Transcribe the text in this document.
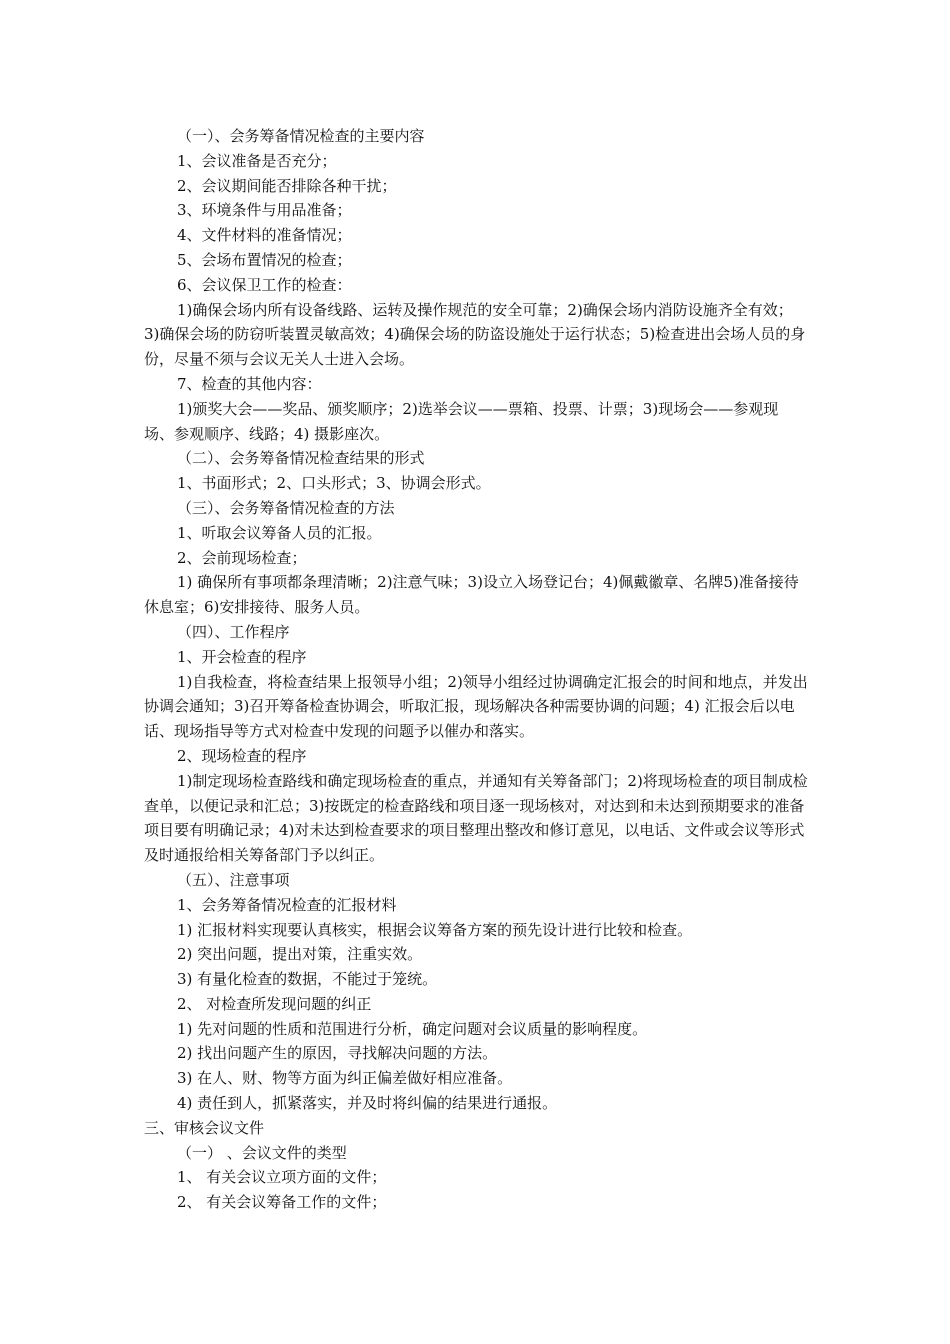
（一）、会务筹备情况检查的主要内容

1、会议准备是否充分；

2、会议期间能否排除各种干扰；

3、环境条件与用品准备；

4、文件材料的准备情况；

5、会场布置情况的检查；

6、会议保卫工作的检查：

1)确保会场内所有设备线路、运转及操作规范的安全可靠；2)确保会场内消防设施齐全有效；3)确保会场的防窃听装置灵敏高效；4)确保会场的防盗设施处于运行状态；5)检查进出会场人员的身份，尽量不须与会议无关人士进入会场。

7、检查的其他内容：

1)颁奖大会——奖品、颁奖顺序；2)选举会议——票箱、投票、计票；3)现场会——参观现场、参观顺序、线路；4) 摄影座次。

（二）、会务筹备情况检查结果的形式

1、书面形式；2、口头形式；3、协调会形式。

（三）、会务筹备情况检查的方法

1、听取会议筹备人员的汇报。

2、会前现场检查；

1) 确保所有事项都条理清晰；2)注意气味；3)设立入场登记台；4)佩戴徽章、名牌5)准备接待休息室；6)安排接待、服务人员。

（四）、工作程序

1、开会检查的程序

1)自我检查，将检查结果上报领导小组；2)领导小组经过协调确定汇报会的时间和地点，并发出协调会通知；3)召开筹备检查协调会，听取汇报，现场解决各种需要协调的问题；4) 汇报会后以电话、现场指导等方式对检查中发现的问题予以催办和落实。

2、现场检查的程序

1)制定现场检查路线和确定现场检查的重点，并通知有关筹备部门；2)将现场检查的项目制成检查单，以便记录和汇总；3)按既定的检查路线和项目逐一现场核对，对达到和未达到预期要求的准备项目要有明确记录；4)对未达到检查要求的项目整理出整改和修订意见，以电话、文件或会议等形式及时通报给相关筹备部门予以纠正。

（五）、注意事项

1、会务筹备情况检查的汇报材料

1) 汇报材料实现要认真核实，根据会议筹备方案的预先设计进行比较和检查。

2) 突出问题，提出对策，注重实效。

3) 有量化检查的数据，不能过于笼统。

2、 对检查所发现问题的纠正

1) 先对问题的性质和范围进行分析，确定问题对会议质量的影响程度。

2) 找出问题产生的原因，寻找解决问题的方法。

3) 在人、财、物等方面为纠正偏差做好相应准备。

4) 责任到人，抓紧落实，并及时将纠偏的结果进行通报。

三、审核会议文件

（一） 、会议文件的类型

1、 有关会议立项方面的文件；

2、 有关会议筹备工作的文件；
